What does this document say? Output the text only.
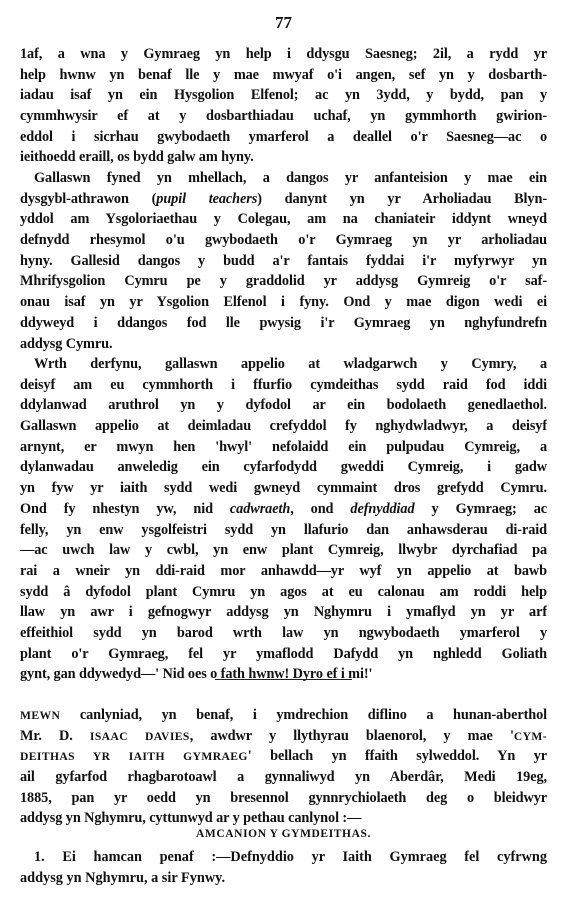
77
1af, a wna y Gymraeg yn help i ddysgu Saesneg; 2il, a rydd yr
help hwnw yn benaf lle y mae mwyaf o'i angen, sef yn y dosbarth-
iadau isaf yn ein Hysgolion Elfenol; ac yn 3ydd, y bydd, pan y
cymmhwysir ef at y dosbarthiadau uchaf, yn gymmhorth gwirion-
eddol i sicrhau gwybodaeth ymarferol a deallel o'r Saesneg—ac o
ieithoedd eraill, os bydd galw am hyny.
Gallaswn fyned yn mhellach, a dangos yr anfanteision y mae ein
dysgybl-athrawon (pupil teachers) danynt yn yr Arholiadau Blyn-
yddol am Ysgoloriaethau y Colegau, am na chaniateir iddynt wneyd
defnydd rhesymol o'u gwybodaeth o'r Gymraeg yn yr arholiadau
hyny. Gallesid dangos y budd a'r fantais fyddai i'r myfyrwyr yn
Mhrifysgolion Cymru pe y graddolid yr addysg Gymreig o'r saf-
onau isaf yn yr Ysgolion Elfenol i fyny. Ond y mae digon wedi ei
ddyweyd i ddangos fod lle pwysig i'r Gymraeg yn nghyfundrefn
addysg Cymru.
Wrth derfynu, gallaswn appelio at wladgarwch y Cymry, a
deisyf am eu cymmhorth i ffurfio cymdeithas sydd raid fod iddi
ddylanwad aruthrol yn y dyfodol ar ein bodolaeth genedlaethol.
Gallaswn appelio at deimladau crefyddol fy nghydwladwyr, a deisyf
arnynt, er mwyn hen 'hwyl' nefolaidd ein pulpudau Cymreig, a
dylanwadau anweledig ein cyfarfodydd gweddi Cymreig, i gadw
yn fyw yr iaith sydd wedi gwneyd cymmaint dros grefydd Cymru.
Ond fy nhestyn yw, nid cadwraeth, ond defnyddiad y Gymraeg; ac
felly, yn enw ysgolfeistri sydd yn llafurio dan anhawsderau di-raid
—ac uwch law y cwbl, yn enw plant Cymreig, llwybr dyrchafiad pa
rai a wneir yn ddi-raid mor anhawdd—yr wyf yn appelio at bawb
sydd â dyfodol plant Cymru yn agos at eu calonau am roddi help
llaw yn awr i gefnogwyr addysg yn Nghymru i ymaflyd yn yr arf
effeithiol sydd yn barod wrth law yn ngwybodaeth ymarferol y
plant o'r Gymraeg, fel yr ymaflodd Dafydd yn nghledd Goliath
gynt, gan ddywedyd—' Nid oes o fath hwnw! Dyro ef i mi!'
MEWN canlyniad, yn benaf, i ymdrechion diflino a hunan-aberthol
Mr. D. ISAAC DAVIES, awdwr y llythyrau blaenorol, y mae 'CYM-
DEITHAS YR IAITH GYMRAEG' bellach yn ffaith sylweddol. Yn yr
ail gyfarfod rhagbarotoawl a gynnaliwyd yn Aberdâr, Medi 19eg,
1885, pan yr oedd yn bresennol gynnrychiolaeth deg o bleidwyr
addysg yn Nghymru, cyttunwyd ar y pethau canlynol :—
AMCANION Y GYMDEITHAS.
1. Ei hamcan penaf :—Defnyddio yr Iaith Gymraeg fel cyfrwng
addysg yn Nghymru, a sir Fynwy.
